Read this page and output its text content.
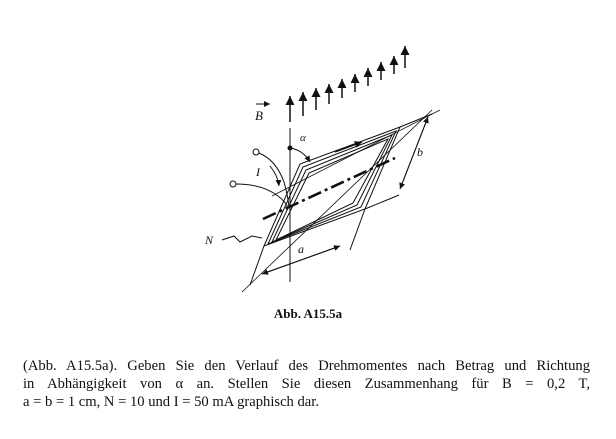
B
α
I
b
a
N
Abb. A15.5a
(Abb. A15.5a). Geben Sie den Verlauf des Drehmomentes nach Betrag und Richtung
in Abhängigkeit von α an. Stellen Sie diesen Zusammenhang für B = 0,2 T,
a = b = 1 cm, N = 10 und I = 50 mA graphisch dar.
